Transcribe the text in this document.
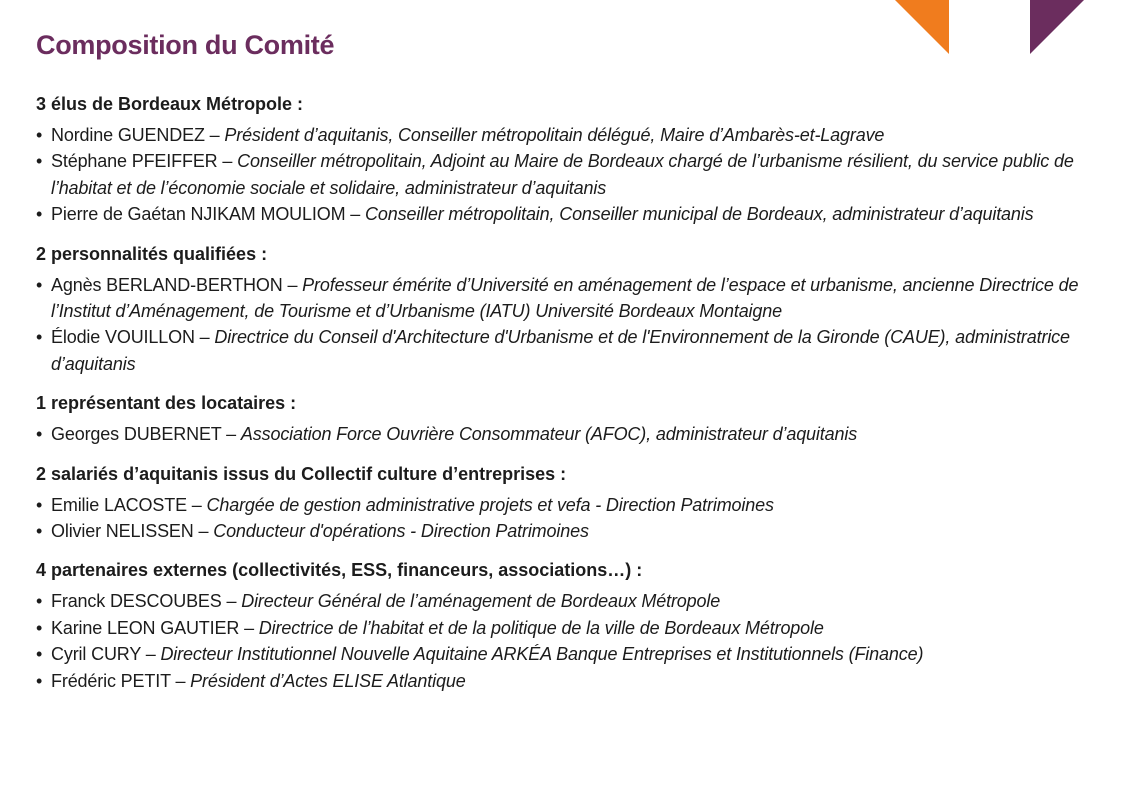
Composition du Comité

3 élus de Bordeaux Métropole :

• Nordine GUENDEZ – Président d’aquitanis, Conseiller métropolitain délégué, Maire d’Ambarès-et-Lagrave
• Stéphane PFEIFFER – Conseiller métropolitain, Adjoint au Maire de Bordeaux chargé de l’urbanisme résilient, du service public de l’habitat et de l’économie sociale et solidaire, administrateur d’aquitanis
• Pierre de Gaétan NJIKAM MOULIOM – Conseiller métropolitain, Conseiller municipal de Bordeaux, administrateur d’aquitanis

2 personnalités qualifiées :

• Agnès BERLAND-BERTHON – Professeur émérite d’Université en aménagement de l’espace et urbanisme, ancienne Directrice de l’Institut d’Aménagement, de Tourisme et d’Urbanisme (IATU) Université Bordeaux Montaigne
• Élodie VOUILLON – Directrice du Conseil d'Architecture d'Urbanisme et de l'Environnement de la Gironde (CAUE), administratrice d’aquitanis

1 représentant des locataires :

• Georges DUBERNET – Association Force Ouvrière Consommateur (AFOC), administrateur d’aquitanis

2 salariés d’aquitanis issus du Collectif culture d’entreprises :

• Emilie LACOSTE – Chargée de gestion administrative projets et vefa - Direction Patrimoines
• Olivier NELISSEN – Conducteur d'opérations - Direction Patrimoines

4 partenaires externes (collectivités, ESS, financeurs, associations…) :

• Franck DESCOUBES – Directeur Général de l’aménagement de Bordeaux Métropole
• Karine LEON GAUTIER – Directrice de l’habitat et de la politique de la ville de Bordeaux Métropole
• Cyril CURY – Directeur Institutionnel Nouvelle Aquitaine ARKÉA Banque Entreprises et Institutionnels (Finance)
• Frédéric PETIT – Président d’Actes ELISE Atlantique
